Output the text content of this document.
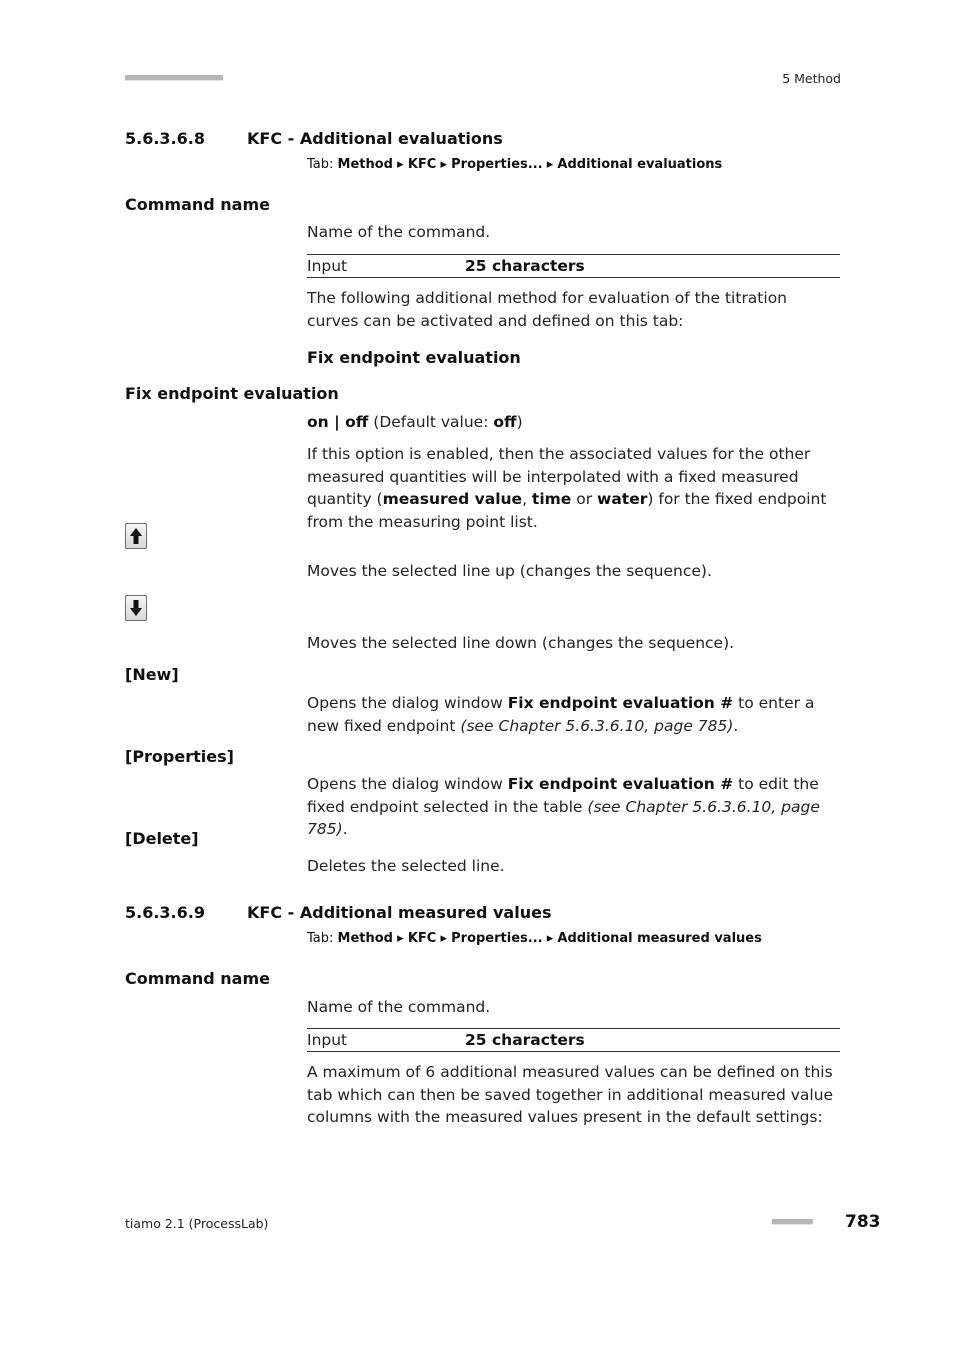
■■■■■■■■■■■■■■■■■■■■■■	5 Method
5.6.3.6.8	KFC - Additional evaluations
Tab: Method ▸ KFC ▸ Properties... ▸ Additional evaluations
Command name
Name of the command.
Input	25 characters
The following additional method for evaluation of the titration curves can be activated and defined on this tab:
Fix endpoint evaluation
Fix endpoint evaluation
on | off (Default value: off)
If this option is enabled, then the associated values for the other measured quantities will be interpolated with a fixed measured quantity (measured value, time or water) for the fixed endpoint from the measuring point list.
Moves the selected line up (changes the sequence).
Moves the selected line down (changes the sequence).
[New]
Opens the dialog window Fix endpoint evaluation # to enter a new fixed endpoint (see Chapter 5.6.3.6.10, page 785).
[Properties]
Opens the dialog window Fix endpoint evaluation # to edit the fixed endpoint selected in the table (see Chapter 5.6.3.6.10, page 785).
[Delete]
Deletes the selected line.
5.6.3.6.9	KFC - Additional measured values
Tab: Method ▸ KFC ▸ Properties... ▸ Additional measured values
Command name
Name of the command.
Input	25 characters
A maximum of 6 additional measured values can be defined on this tab which can then be saved together in additional measured value columns with the measured values present in the default settings:
tiamo 2.1 (ProcessLab)	■■■■■■■■■ 783
